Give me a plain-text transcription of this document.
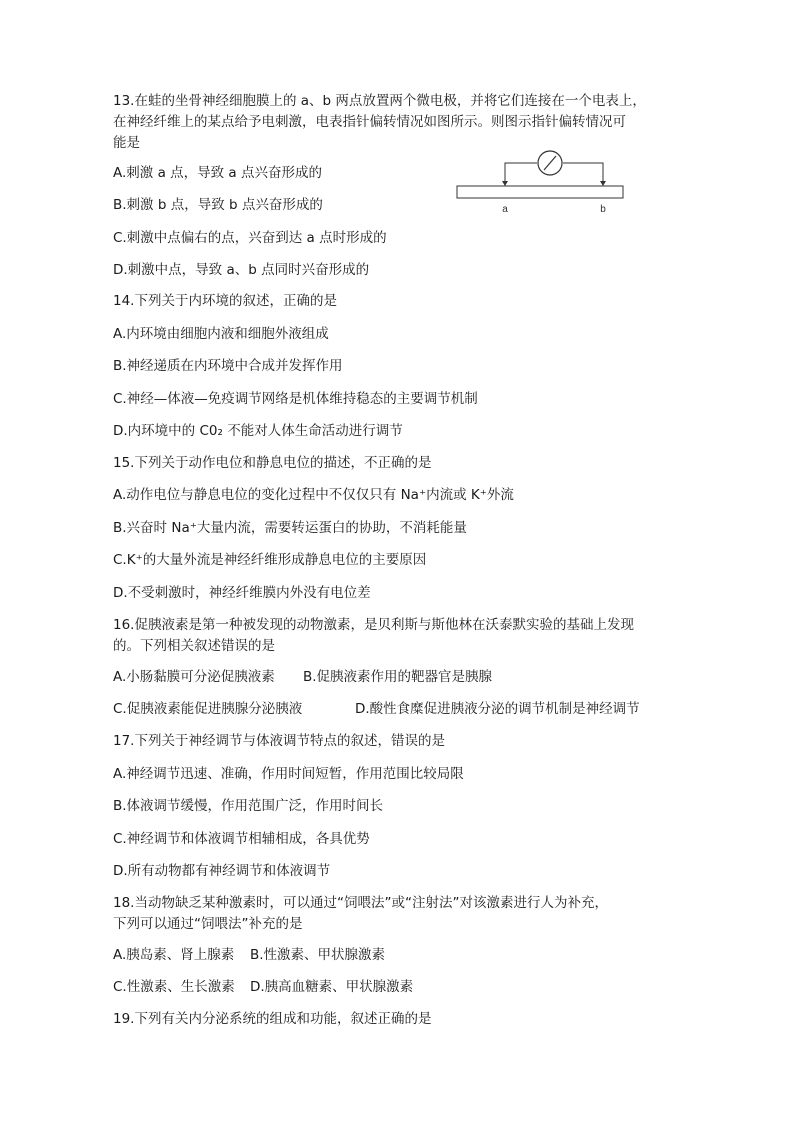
13.在蛙的坐骨神经细胞膜上的 a、b 两点放置两个微电极，并将它们连接在一个电表上，
在神经纤维上的某点给予电刺激，电表指针偏转情况如图所示。则图示指针偏转情况可
能是
A.刺激 a 点，导致 a 点兴奋形成的
B.刺激 b 点，导致 b 点兴奋形成的
C.刺激中点偏右的点，兴奋到达 a 点时形成的
D.刺激中点，导致 a、b 点同时兴奋形成的
a	b
14.下列关于内环境的叙述，正确的是
A.内环境由细胞内液和细胞外液组成
B.神经递质在内环境中合成并发挥作用
C.神经—体液—免疫调节网络是机体维持稳态的主要调节机制
D.内环境中的 C0₂ 不能对人体生命活动进行调节
15.下列关于动作电位和静息电位的描述，不正确的是
A.动作电位与静息电位的变化过程中不仅仅只有 Na⁺内流或 K⁺外流
B.兴奋时 Na⁺大量内流，需要转运蛋白的协助，不消耗能量
C.K⁺的大量外流是神经纤维形成静息电位的主要原因
D.不受刺激时，神经纤维膜内外没有电位差
16.促胰液素是第一种被发现的动物激素，是贝利斯与斯他林在沃泰默实验的基础上发现
的。下列相关叙述错误的是
A.小肠黏膜可分泌促胰液素 B.促胰液素作用的靶器官是胰腺
C.促胰液素能促进胰腺分泌胰液	D.酸性食糜促进胰液分泌的调节机制是神经调节
17.下列关于神经调节与体液调节特点的叙述，错误的是
A.神经调节迅速、准确，作用时间短暂，作用范围比较局限
B.体液调节缓慢，作用范围广泛，作用时间长
C.神经调节和体液调节相辅相成，各具优势
D.所有动物都有神经调节和体液调节
18.当动物缺乏某种激素时，可以通过“饲喂法”或“注射法”对该激素进行人为补充，
下列可以通过“饲喂法”补充的是
A.胰岛素、肾上腺素 B.性激素、甲状腺激素
C.性激素、生长激素 D.胰高血糖素、甲状腺激素
19.下列有关内分泌系统的组成和功能，叙述正确的是
